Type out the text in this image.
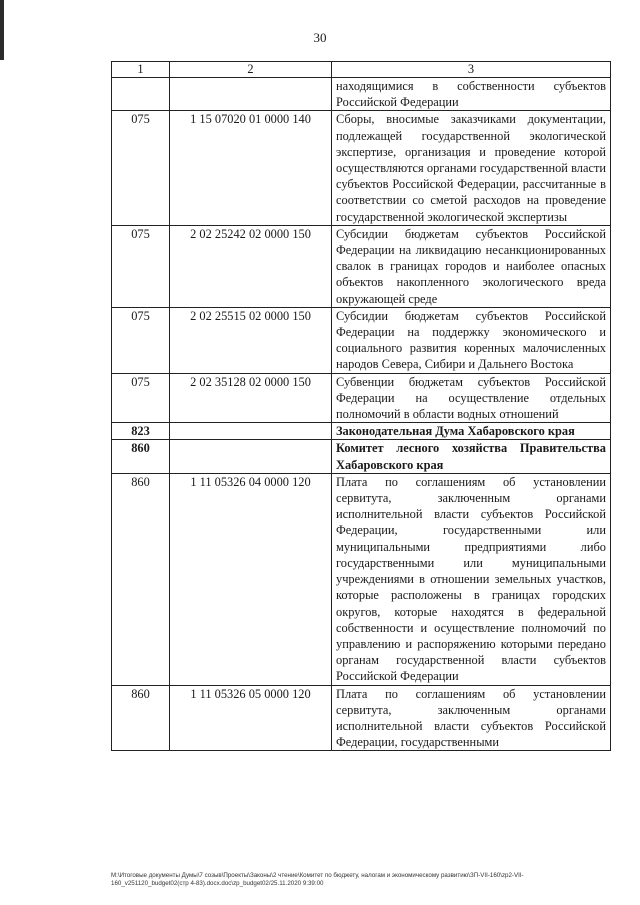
30
1	2	3
		находящимися в собственности субъектов Российской Федерации
075	1 15 07020 01 0000 140	Сборы, вносимые заказчиками документации, подлежащей государственной экологической экспертизе, организация и проведение которой осуществляются органами государственной власти субъектов Российской Федерации, рассчитанные в соответствии со сметой расходов на проведение государственной экологической экспертизы
075	2 02 25242 02 0000 150	Субсидии бюджетам субъектов Российской Федерации на ликвидацию несанкционированных свалок в границах городов и наиболее опасных объектов накопленного экологического вреда окружающей среде
075	2 02 25515 02 0000 150	Субсидии бюджетам субъектов Российской Федерации на поддержку экономического и социального развития коренных малочисленных народов Севера, Сибири и Дальнего Востока
075	2 02 35128 02 0000 150	Субвенции бюджетам субъектов Российской Федерации на осуществление отдельных полномочий в области водных отношений
823		Законодательная Дума Хабаровского края
860		Комитет лесного хозяйства Правительства Хабаровского края
860	1 11 05326 04 0000 120	Плата по соглашениям об установлении сервитута, заключенным органами исполнительной власти субъектов Российской Федерации, государственными или муниципальными предприятиями либо государственными или муниципальными учреждениями в отношении земельных участков, которые расположены в границах городских округов, которые находятся в федеральной собственности и осуществление полномочий по управлению и распоряжению которыми передано органам государственной власти субъектов Российской Федерации
860	1 11 05326 05 0000 120	Плата по соглашениям об установлении сервитута, заключенным органами исполнительной власти субъектов Российской Федерации, государственными
M:\Итоговые документы Думы\7 созыв\Проекты\Законы\2 чтение\Комитет по бюджету, налогам и экономическому развитию\ЗП-VII-160\zp2-VII-
160_v251120_budget02(стр 4-83).docx.doc\zp_budget02/25.11.2020 9:39:00
